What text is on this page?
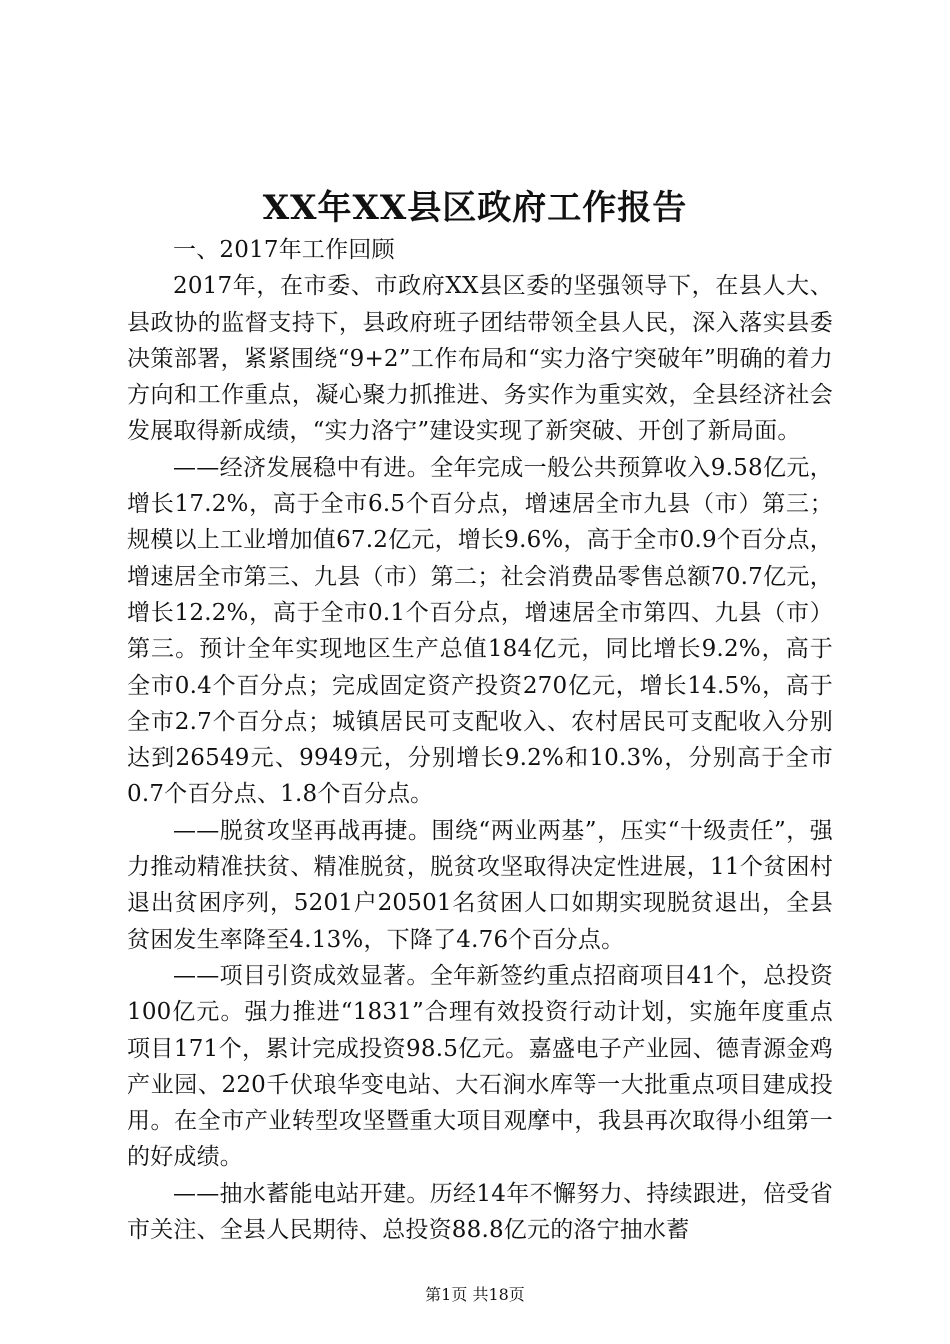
XX年XX县区政府工作报告

一、2017年工作回顾

2017年，在市委、市政府XX县区委的坚强领导下，在县人大、县政协的监督支持下，县政府班子团结带领全县人民，深入落实县委决策部署，紧紧围绕“9+2”工作布局和“实力洛宁突破年”明确的着力方向和工作重点，凝心聚力抓推进、务实作为重实效，全县经济社会发展取得新成绩，“实力洛宁”建设实现了新突破、开创了新局面。

——经济发展稳中有进。全年完成一般公共预算收入9.58亿元，增长17.2%，高于全市6.5个百分点，增速居全市九县（市）第三；规模以上工业增加值67.2亿元，增长9.6%，高于全市0.9个百分点，增速居全市第三、九县（市）第二；社会消费品零售总额70.7亿元，增长12.2%，高于全市0.1个百分点，增速居全市第四、九县（市）第三。预计全年实现地区生产总值184亿元，同比增长9.2%，高于全市0.4个百分点；完成固定资产投资270亿元，增长14.5%，高于全市2.7个百分点；城镇居民可支配收入、农村居民可支配收入分别达到26549元、9949元，分别增长9.2%和10.3%，分别高于全市0.7个百分点、1.8个百分点。

——脱贫攻坚再战再捷。围绕“两业两基”，压实“十级责任”，强力推动精准扶贫、精准脱贫，脱贫攻坚取得决定性进展，11个贫困村退出贫困序列，5201户20501名贫困人口如期实现脱贫退出，全县贫困发生率降至4.13%，下降了4.76个百分点。

——项目引资成效显著。全年新签约重点招商项目41个，总投资100亿元。强力推进“1831”合理有效投资行动计划，实施年度重点项目171个，累计完成投资98.5亿元。嘉盛电子产业园、德青源金鸡产业园、220千伏琅华变电站、大石涧水库等一大批重点项目建成投用。在全市产业转型攻坚暨重大项目观摩中，我县再次取得小组第一的好成绩。

——抽水蓄能电站开建。历经14年不懈努力、持续跟进，倍受省市关注、全县人民期待、总投资88.8亿元的洛宁抽水蓄

第1页 共18页
